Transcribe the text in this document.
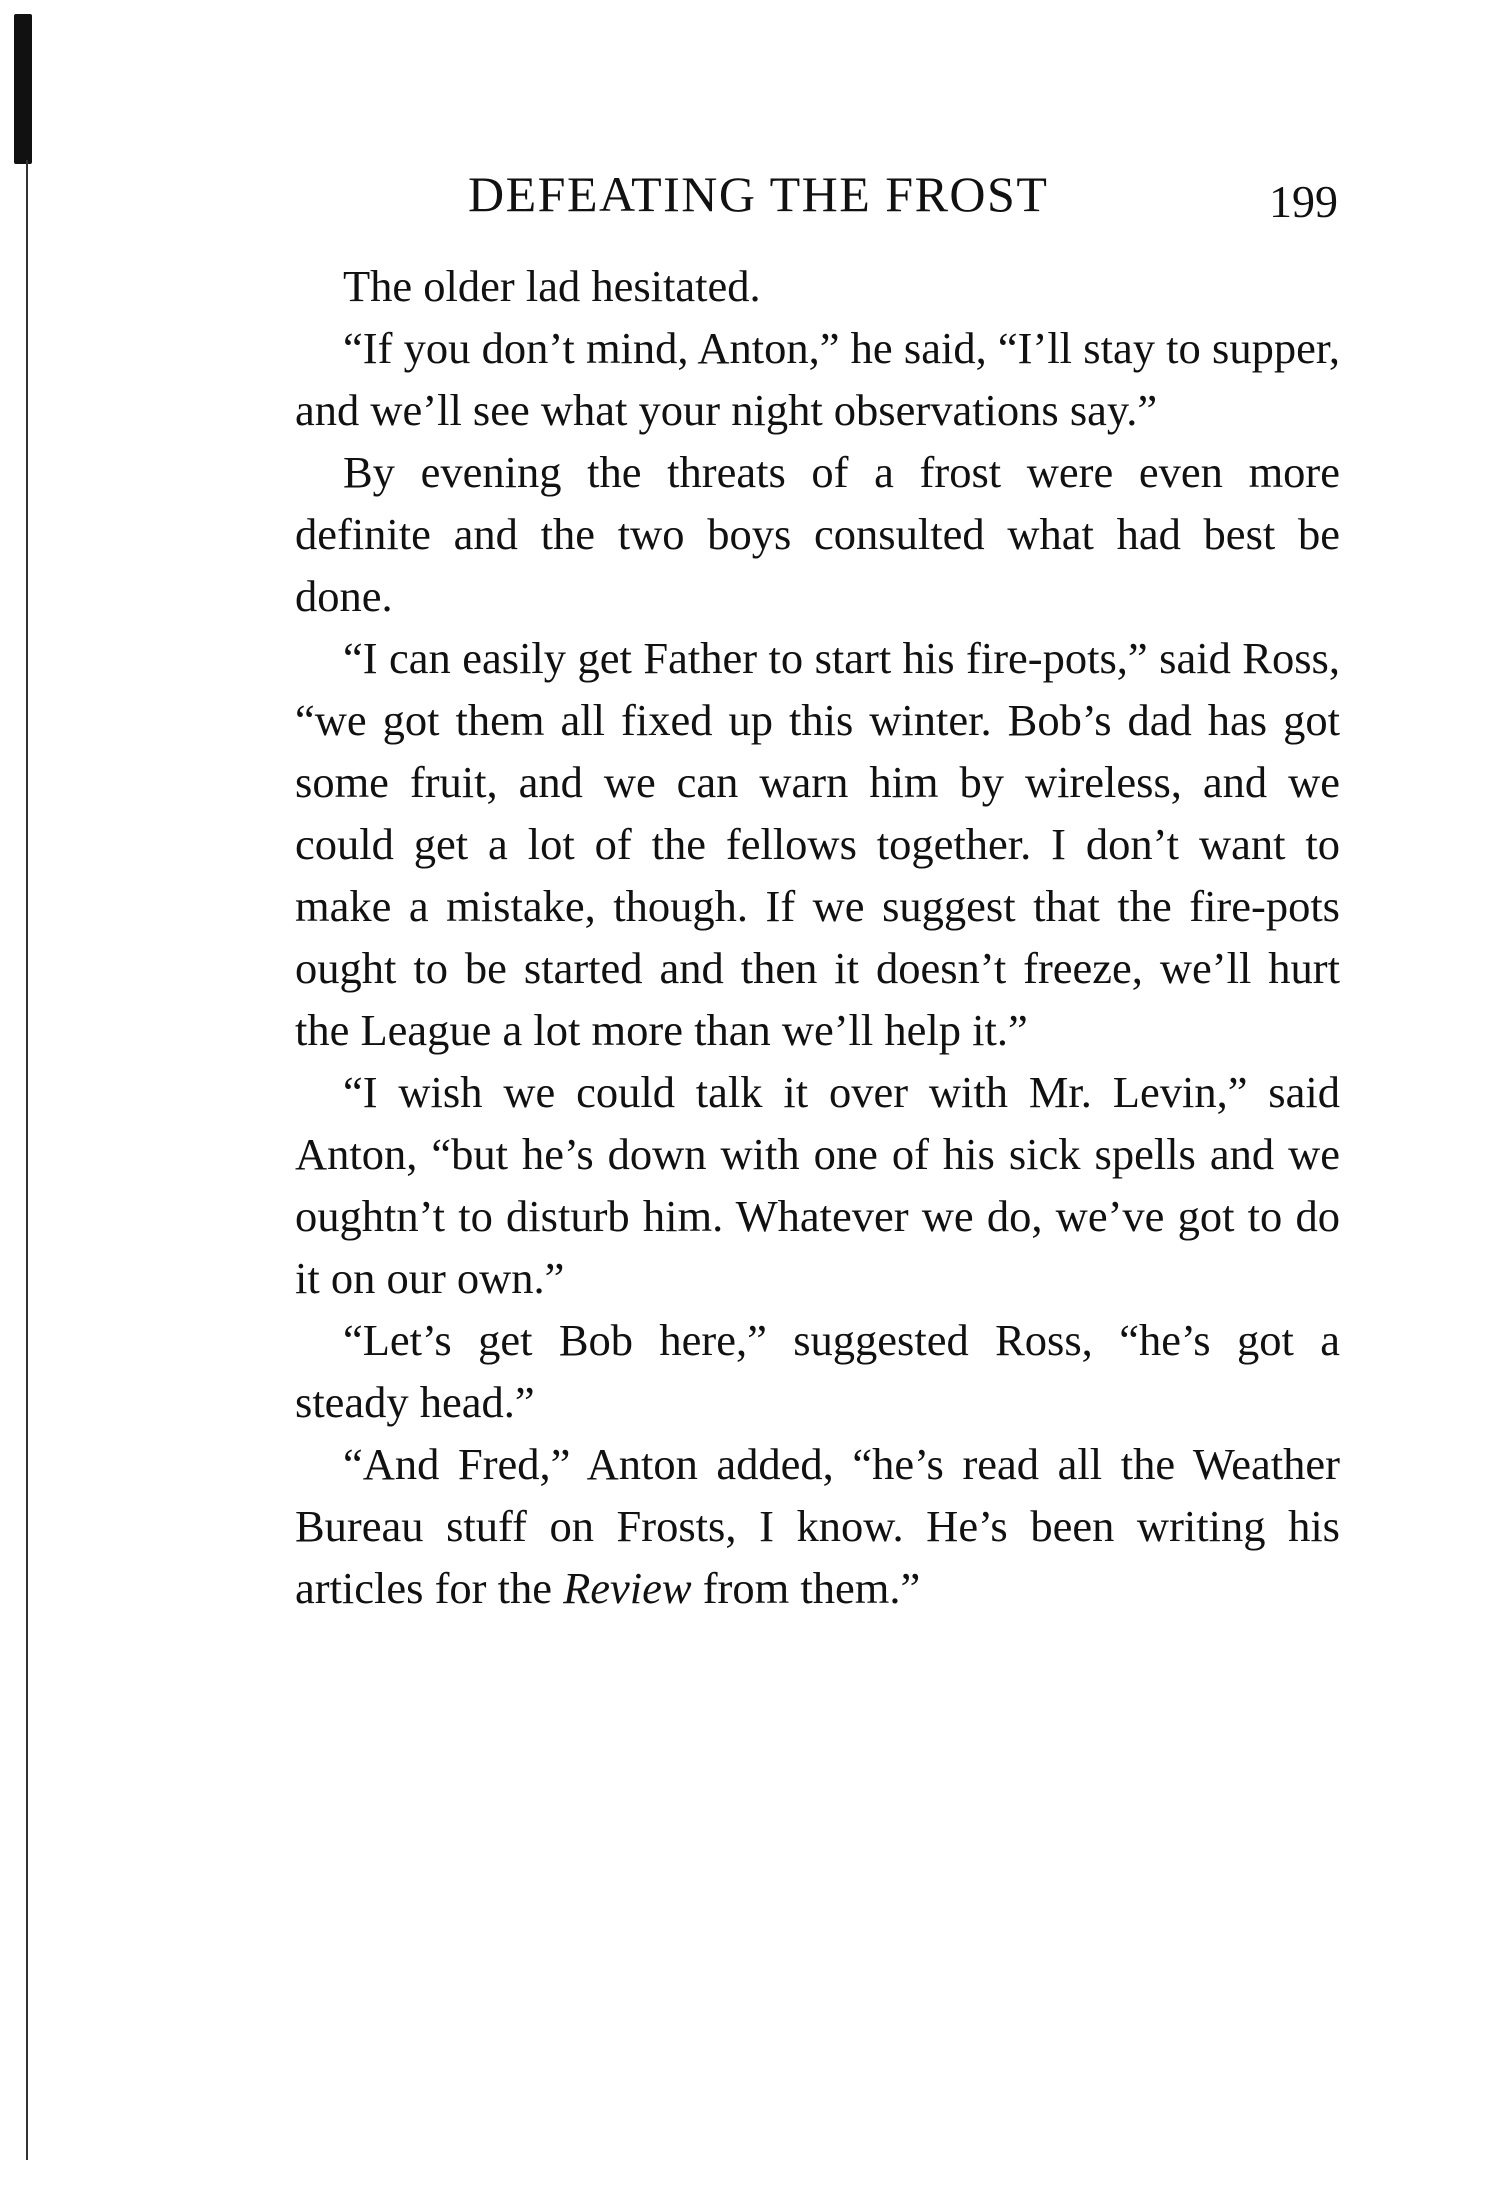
DEFEATING THE FROST	199

The older lad hesitated.

“If you don’t mind, Anton,” he said, “I’ll stay to supper, and we’ll see what your night observations say.”

By evening the threats of a frost were even more definite and the two boys consulted what had best be done.

“I can easily get Father to start his fire-pots,” said Ross, “we got them all fixed up this winter. Bob’s dad has got some fruit, and we can warn him by wireless, and we could get a lot of the fellows together. I don’t want to make a mistake, though. If we suggest that the fire-pots ought to be started and then it doesn’t freeze, we’ll hurt the League a lot more than we’ll help it.”

“I wish we could talk it over with Mr. Levin,” said Anton, “but he’s down with one of his sick spells and we oughtn’t to disturb him. Whatever we do, we’ve got to do it on our own.”

“Let’s get Bob here,” suggested Ross, “he’s got a steady head.”

“And Fred,” Anton added, “he’s read all the Weather Bureau stuff on Frosts, I know. He’s been writing his articles for the Review from them.”
